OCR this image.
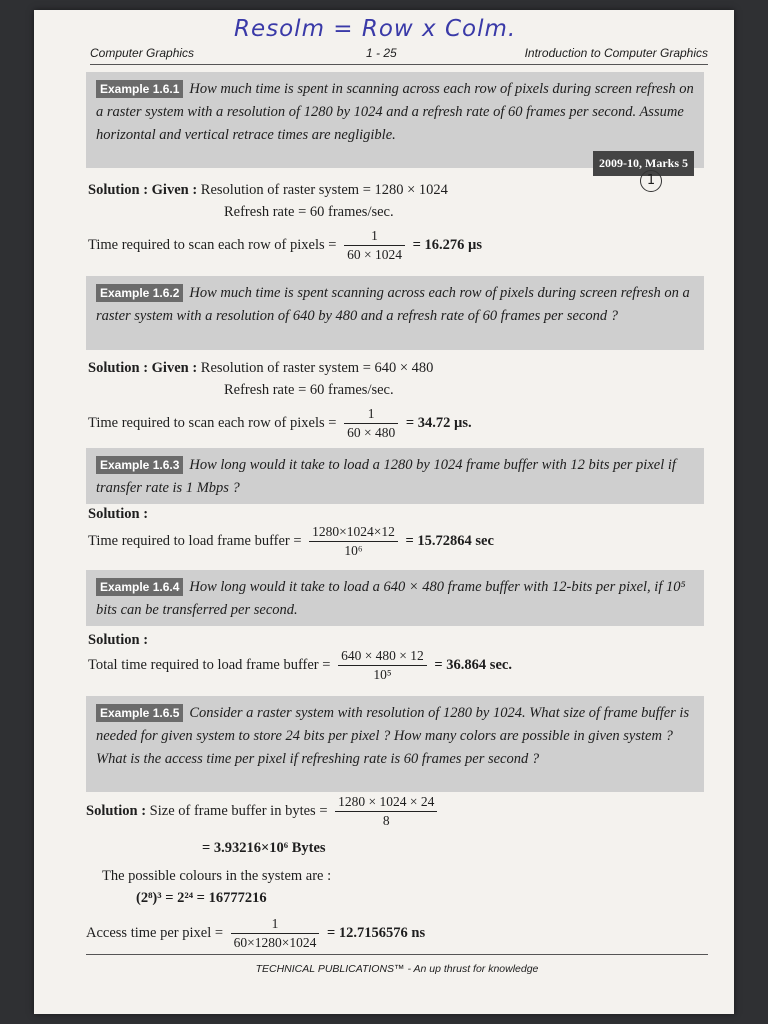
Resolm = Row x Colm.
Computer Graphics	1 - 25	Introduction to Computer Graphics
Example 1.6.1 How much time is spent in scanning across each row of pixels during screen refresh on a raster system with a resolution of 1280 by 1024 and a refresh rate of 60 frames per second. Assume horizontal and vertical retrace times are negligible.
2009-10, Marks 5
1
Solution : Given : Resolution of raster system = 1280 × 1024
Refresh rate = 60 frames/sec.
Time required to scan each row of pixels = $\frac{1}{60 \times 1024} = 16.276$ µs
Example 1.6.2 How much time is spent scanning across each row of pixels during screen refresh on a raster system with a resolution of 640 by 480 and a refresh rate of 60 frames per second ?
Solution : Given : Resolution of raster system = 640 × 480
Refresh rate = 60 frames/sec.
Time required to scan each row of pixels = $\frac{1}{60 \times 480} = 34.72$ µs.
Example 1.6.3 How long would it take to load a 1280 by 1024 frame buffer with 12 bits per pixel if transfer rate is 1 Mbps ?
Solution :
Time required to load frame buffer = $\frac{1280\times 1024\times 12}{\text{10⁶}} = 15.72864$ sec
Example 1.6.4 How long would it take to load a 640 × 480 frame buffer with 12-bits per pixel, if 10⁵ bits can be transferred per second.
Solution :
Total time required to load frame buffer = $\frac{640 \times 480 \times 12}{\text{10⁵}} = 36.864$ sec.
Example 1.6.5 Consider a raster system with resolution of 1280 by 1024. What size of frame buffer is needed for given system to store 24 bits per pixel ? How many colors are possible in given system ? What is the access time per pixel if refreshing rate is 60 frames per second ?
Solution : Size of frame buffer in bytes = $\frac{1280 \times 1024 \times 24}{8}$
= 3.93216×10⁶ Bytes
The possible colours in the system are :
(2⁸)³ = 2²⁴ = 16777216
Access time per pixel = $\frac{1}{60\times 1280\times 1024} = 12.7156576$ ns
TECHNICAL PUBLICATIONS™ - An up thrust for knowledge
